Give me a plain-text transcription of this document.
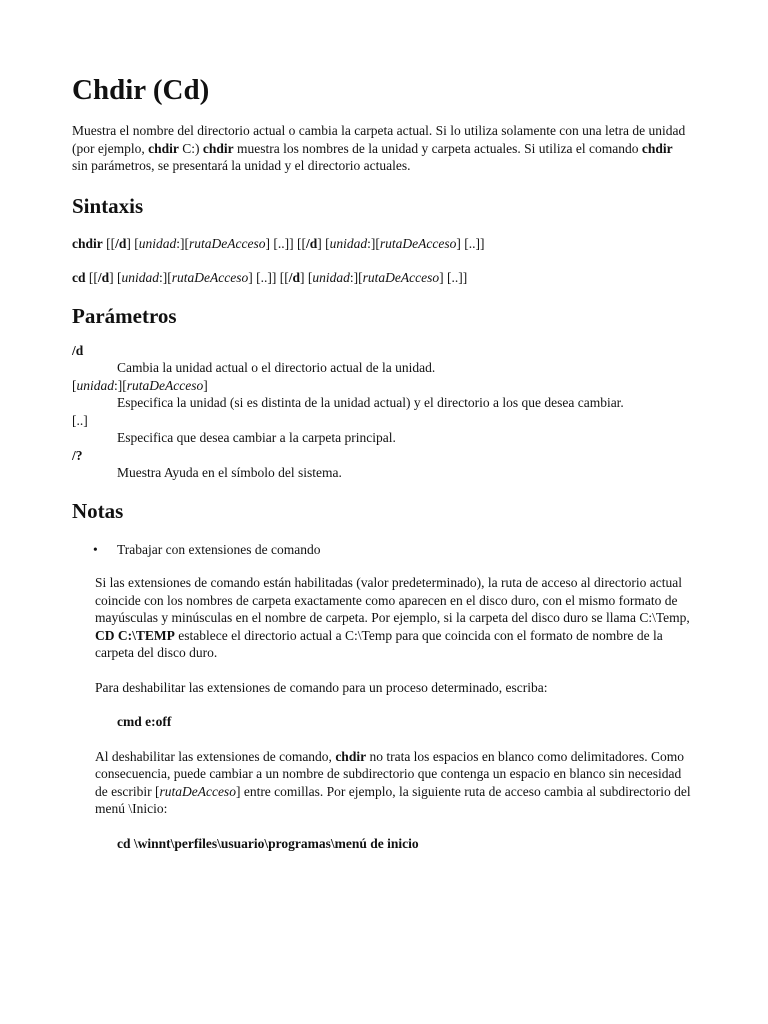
Chdir (Cd)

Muestra el nombre del directorio actual o cambia la carpeta actual. Si lo utiliza solamente con una letra de unidad (por ejemplo, chdir C:) chdir muestra los nombres de la unidad y carpeta actuales. Si utiliza el comando chdir sin parámetros, se presentará la unidad y el directorio actuales.

Sintaxis

chdir [[/d] [unidad:][rutaDeAcceso] [..]] [[/d] [unidad:][rutaDeAcceso] [..]]

cd [[/d] [unidad:][rutaDeAcceso] [..]] [[/d] [unidad:][rutaDeAcceso] [..]]

Parámetros
/d
Cambia la unidad actual o el directorio actual de la unidad.
[unidad:][rutaDeAcceso]
Especifica la unidad (si es distinta de la unidad actual) y el directorio a los que desea cambiar.
[..]
Especifica que desea cambiar a la carpeta principal.
/?
Muestra Ayuda en el símbolo del sistema.
Notas
• Trabajar con extensiones de comando

Si las extensiones de comando están habilitadas (valor predeterminado), la ruta de acceso al directorio actual coincide con los nombres de carpeta exactamente como aparecen en el disco duro, con el mismo formato de mayúsculas y minúsculas en el nombre de carpeta. Por ejemplo, si la carpeta del disco duro se llama C:\Temp, CD C:\TEMP establece el directorio actual a C:\Temp para que coincida con el formato de nombre de la carpeta del disco duro.

Para deshabilitar las extensiones de comando para un proceso determinado, escriba:

cmd e:off

Al deshabilitar las extensiones de comando, chdir no trata los espacios en blanco como delimitadores. Como consecuencia, puede cambiar a un nombre de subdirectorio que contenga un espacio en blanco sin necesidad de escribir [rutaDeAcceso] entre comillas. Por ejemplo, la siguiente ruta de acceso cambia al subdirectorio del menú \Inicio:

cd \winnt\perfiles\usuario\programas\menú de inicio
